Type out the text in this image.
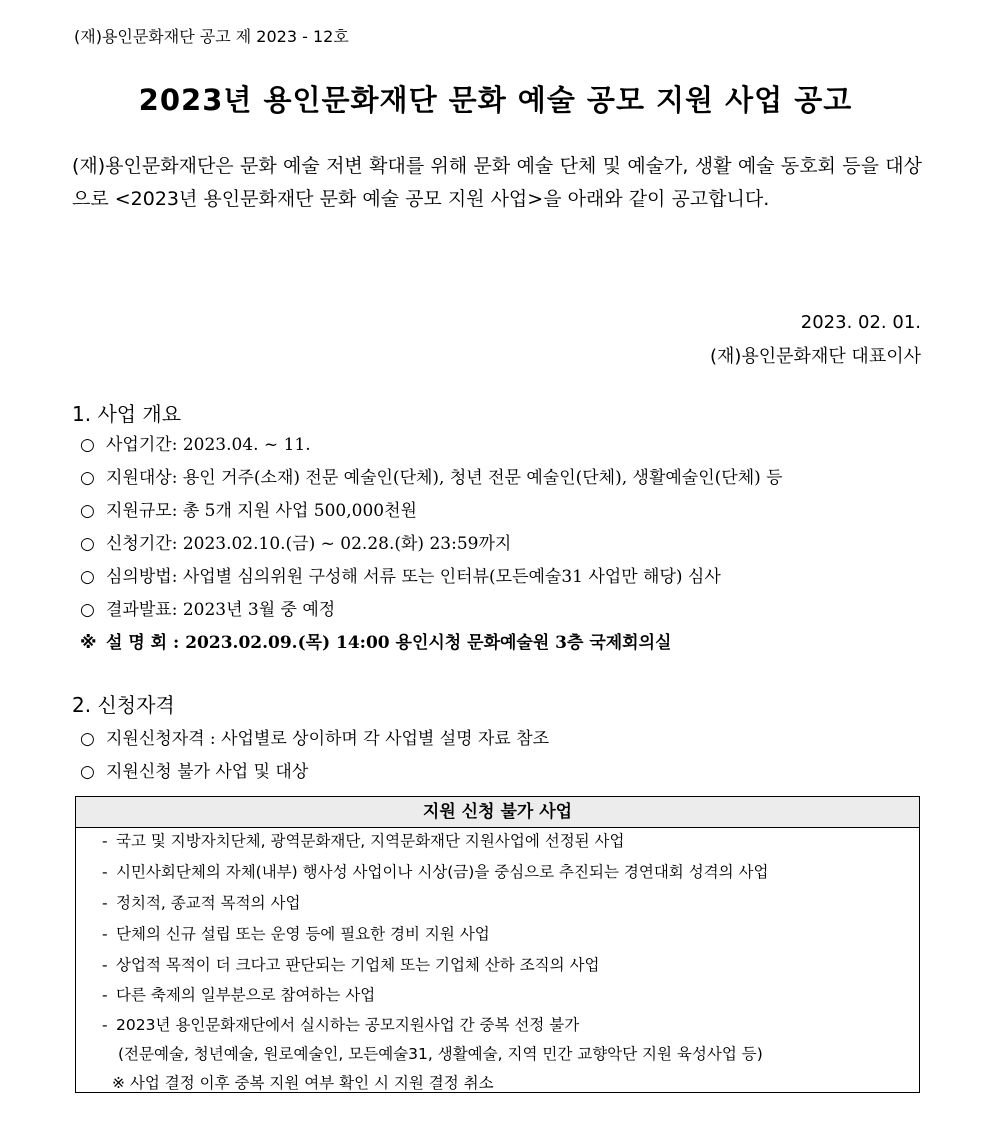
(재)용인문화재단 공고 제 2023 - 12호
2023년 용인문화재단 문화 예술 공모 지원 사업 공고
(재)용인문화재단은 문화 예술 저변 확대를 위해 문화 예술 단체 및 예술가, 생활 예술 동호회 등을 대상으로 <2023년 용인문화재단 문화 예술 공모 지원 사업>을 아래와 같이 공고합니다.
2023. 02. 01.
(재)용인문화재단 대표이사
1. 사업 개요
○ 사업기간: 2023.04. ~ 11.
○ 지원대상: 용인 거주(소재) 전문 예술인(단체), 청년 전문 예술인(단체), 생활예술인(단체) 등
○ 지원규모: 총 5개 지원 사업 500,000천원
○ 신청기간: 2023.02.10.(금) ~ 02.28.(화) 23:59까지
○ 심의방법: 사업별 심의위원 구성해 서류 또는 인터뷰(모든예술31 사업만 해당) 심사
○ 결과발표: 2023년 3월 중 예정
※ 설 명 회 : 2023.02.09.(목) 14:00 용인시청 문화예술원 3층 국제회의실
2. 신청자격
○ 지원신청자격 : 사업별로 상이하며 각 사업별 설명 자료 참조
○ 지원신청 불가 사업 및 대상
지원 신청 불가 사업
- 국고 및 지방자치단체, 광역문화재단, 지역문화재단 지원사업에 선정된 사업
- 시민사회단체의 자체(내부) 행사성 사업이나 시상(금)을 중심으로 추진되는 경연대회 성격의 사업
- 정치적, 종교적 목적의 사업
- 단체의 신규 설립 또는 운영 등에 필요한 경비 지원 사업
- 상업적 목적이 더 크다고 판단되는 기업체 또는 기업체 산하 조직의 사업
- 다른 축제의 일부분으로 참여하는 사업
- 2023년 용인문화재단에서 실시하는 공모지원사업 간 중복 선정 불가
(전문예술, 청년예술, 원로예술인, 모든예술31, 생활예술, 지역 민간 교향악단 지원 육성사업 등)
※ 사업 결정 이후 중복 지원 여부 확인 시 지원 결정 취소
